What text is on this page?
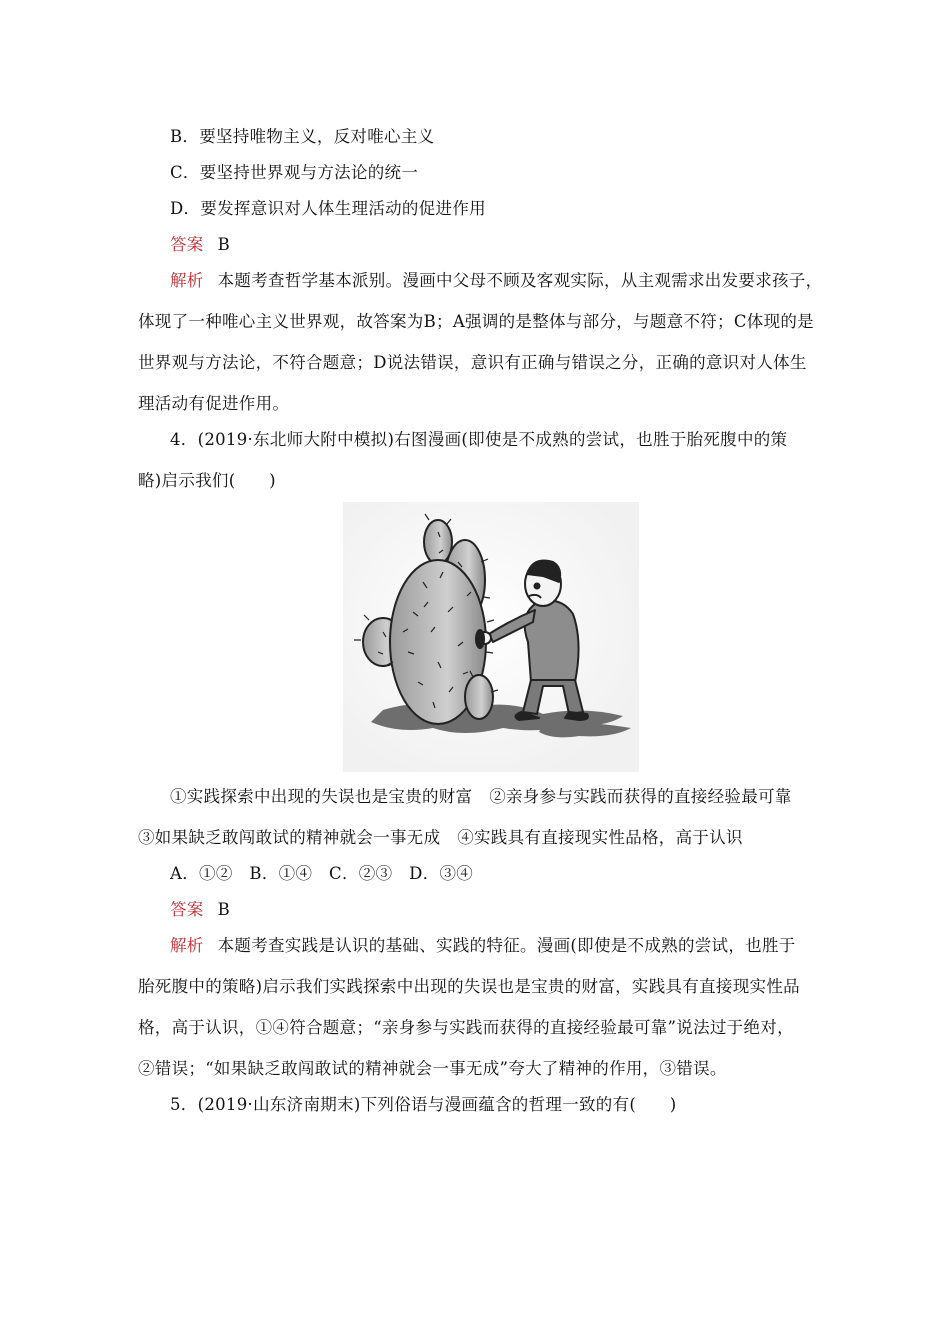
B．要坚持唯物主义，反对唯心主义
C．要坚持世界观与方法论的统一
D．要发挥意识对人体生理活动的促进作用
答案 B
解析 本题考查哲学基本派别。漫画中父母不顾及客观实际，从主观需求出发要求孩子，
体现了一种唯心主义世界观，故答案为B；A强调的是整体与部分，与题意不符；C体现的是
世界观与方法论，不符合题意；D说法错误，意识有正确与错误之分，正确的意识对人体生
理活动有促进作用。
4．(2019·东北师大附中模拟)右图漫画(即使是不成熟的尝试，也胜于胎死腹中的策
略)启示我们(　　)
①实践探索中出现的失误也是宝贵的财富　②亲身参与实践而获得的直接经验最可靠
③如果缺乏敢闯敢试的精神就会一事无成　④实践具有直接现实性品格，高于认识
A．①②　B．①④　C．②③　D．③④
答案 B
解析 本题考查实践是认识的基础、实践的特征。漫画(即使是不成熟的尝试，也胜于
胎死腹中的策略)启示我们实践探索中出现的失误也是宝贵的财富，实践具有直接现实性品
格，高于认识，①④符合题意；“亲身参与实践而获得的直接经验最可靠”说法过于绝对，
②错误；“如果缺乏敢闯敢试的精神就会一事无成”夸大了精神的作用，③错误。
5．(2019·山东济南期末)下列俗语与漫画蕴含的哲理一致的有(　　)
